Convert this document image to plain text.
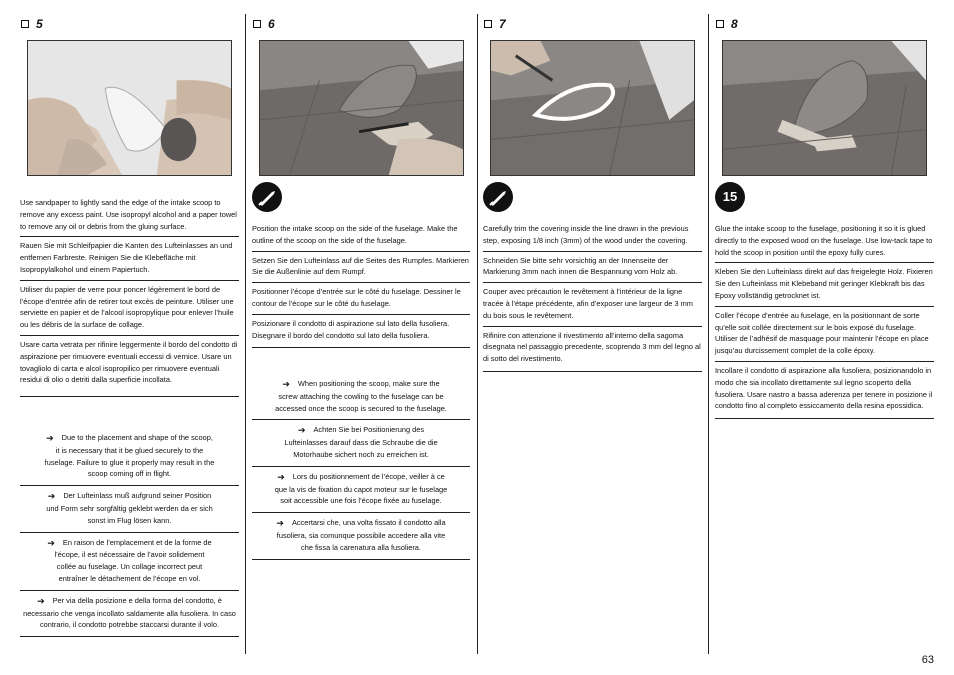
5
Use sandpaper to lightly sand the edge of the intake scoop to remove any excess paint. Use isopropyl alcohol and a paper towel to remove any oil or debris from the gluing surface.
Rauen Sie mit Schleifpapier die Kanten des Lufteinlasses an und entfernen Farbreste. Reinigen Sie die Klebefläche mit Isopropylalkohol und einem Papiertuch.
Utiliser du papier de verre pour poncer légèrement le bord de l’écope d’entrée afin de retirer tout excès de peinture. Utiliser une serviette en papier et de l’alcool isopropylique pour enlever l’huile ou les débris de la surface de collage.
Usare carta vetrata per rifinire leggermente il bordo del condotto di aspirazione per rimuovere eventuali eccessi di vernice. Usare un tovagliolo di carta e alcol isopropilico per rimuovere eventuali residui di olio o detriti dalla superficie incollata.
➔ Due to the placement and shape of the scoop, it is necessary that it be glued securely to the fuselage. Failure to glue it properly may result in the scoop coming off in flight.
➔ Der Lufteinlass muß aufgrund seiner Position und Form sehr sorgfältig geklebt werden da er sich sonst im Flug lösen kann.
➔ En raison de l’emplacement et de la forme de l’écope, il est nécessaire de l’avoir solidement collée au fuselage. Un collage incorrect peut entraîner le détachement de l’écope en vol.
➔ Per via della posizione e della forma del condotto, è necessario che venga incollato saldamente alla fusoliera. In caso contrario, il condotto potrebbe staccarsi durante il volo.
6
Position the intake scoop on the side of the fuselage. Make the outline of the scoop on the side of the fuselage.
Setzen Sie den Lufteinlass auf die Seites des Rumpfes. Markieren Sie die Außenlinie auf dem Rumpf.
Positionner l’écope d’entrée sur le côté du fuselage. Dessiner le contour de l’écope sur le côté du fuselage.
Posizionare il condotto di aspirazione sul lato della fusoliera. Disegnare il bordo del condotto sul lato della fusoliera.
➔ When positioning the scoop, make sure the screw attaching the cowling to the fuselage can be accessed once the scoop is secured to the fuselage.
➔ Achten Sie bei Positionierung des Lufteinlasses darauf dass die Schraube die die Motorhaube sichert noch zu erreichen ist.
➔ Lors du positionnement de l’écope, veiller à ce que la vis de fixation du capot moteur sur le fuselage soit accessible une fois l’écope fixée au fuselage.
➔ Accertarsi che, una volta fissato il condotto alla fusoliera, sia comunque possibile accedere alla vite che fissa la carenatura alla fusoliera.
7
Carefully trim the covering inside the line drawn in the previous step, exposing 1/8 inch (3mm) of the wood under the covering.
Schneiden Sie bitte sehr vorsichtig an der Innenseite der Markierung 3mm nach innen die Bespannung vom Holz ab.
Couper avec précaution le revêtement à l’intérieur de la ligne tracée à l’étape précédente, afin d’exposer une largeur de 3 mm du bois sous le revêtement.
Rifinire con attenzione il rivestimento all’interno della sagoma disegnata nel passaggio precedente, scoprendo 3 mm del legno al di sotto del rivestimento.
8
15
Glue the intake scoop to the fuselage, positioning it so it is glued directly to the exposed wood on the fuselage. Use low-tack tape to hold the scoop in position until the epoxy fully cures.
Kleben Sie den Lufteinlass direkt auf das freigelegte Holz. Fixieren Sie den Lufteinlass mit Klebeband mit geringer Klebkraft bis das Epoxy vollständig getrocknet ist.
Coller l’écope d’entrée au fuselage, en la positionnant de sorte qu’elle soit collée directement sur le bois exposé du fuselage. Utiliser de l’adhésif de masquage pour maintenir l’écope en place jusqu’au durcissement complet de la colle époxy.
Incollare il condotto di aspirazione alla fusoliera, posizionandolo in modo che sia incollato direttamente sul legno scoperto della fusoliera. Usare nastro a bassa aderenza per tenere in posizione il condotto fino al completo essiccamento della resina epossidica.
63
